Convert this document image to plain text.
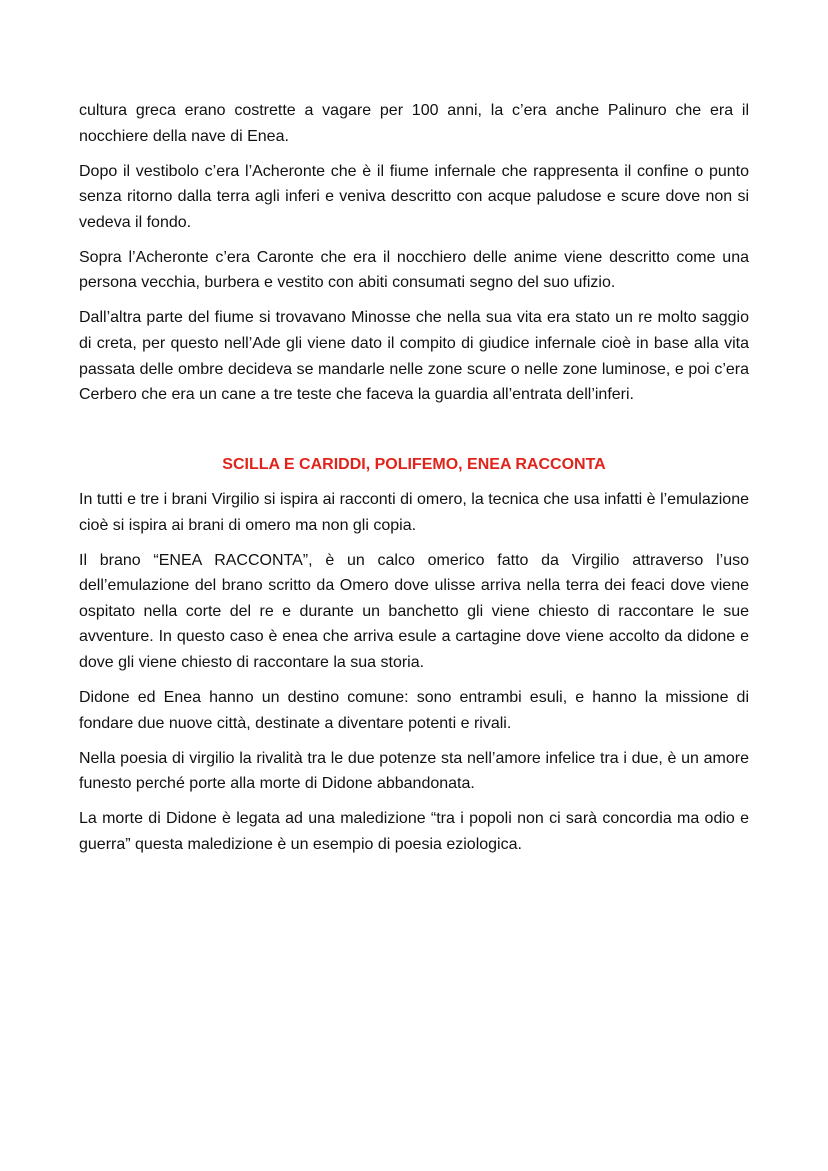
cultura greca erano costrette a vagare per 100 anni, la c’era anche Palinuro che era il nocchiere della nave di Enea.

Dopo il vestibolo c’era l’Acheronte che è il fiume infernale che rappresenta il confine o punto senza ritorno dalla terra agli inferi e veniva descritto con acque paludose e scure dove non si vedeva il fondo.

Sopra l’Acheronte c’era Caronte che era il nocchiero delle anime viene descritto come una persona vecchia, burbera e vestito con abiti consumati segno del suo ufizio.

Dall’altra parte del fiume si trovavano Minosse che nella sua vita era stato un re molto saggio di creta, per questo nell’Ade gli viene dato il compito di giudice infernale cioè in base alla vita passata delle ombre decideva se mandarle nelle zone scure o nelle zone luminose, e poi c’era Cerbero che era un cane a tre teste che faceva la guardia all’entrata dell’inferi.

SCILLA E CARIDDI, POLIFEMO, ENEA RACCONTA

In tutti e tre i brani Virgilio si ispira ai racconti di omero, la tecnica che usa infatti è l’emulazione cioè si ispira ai brani di omero ma non gli copia.

Il brano “ENEA RACCONTA”, è un calco omerico fatto da Virgilio attraverso l’uso dell’emulazione del brano scritto da Omero dove ulisse arriva nella terra dei feaci dove viene ospitato nella corte del re e durante un banchetto gli viene chiesto di raccontare le sue avventure. In questo caso è enea che arriva esule a cartagine dove viene accolto da didone e dove gli viene chiesto di raccontare la sua storia.

Didone ed Enea hanno un destino comune: sono entrambi esuli, e hanno la missione di fondare due nuove città, destinate a diventare potenti e rivali.

Nella poesia di virgilio la rivalità tra le due potenze sta nell’amore infelice tra i due, è un amore funesto perché porte alla morte di Didone abbandonata.

La morte di Didone è legata ad una maledizione “tra i popoli non ci sarà concordia ma odio e guerra” questa maledizione è un esempio di poesia eziologica.
